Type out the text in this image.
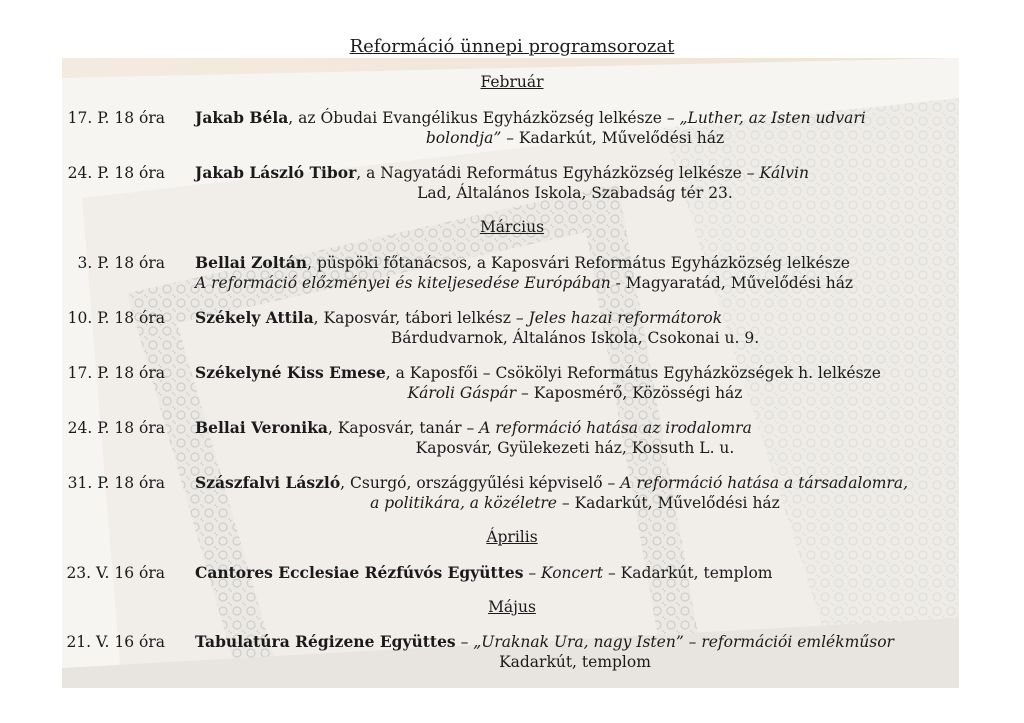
Reformáció ünnepi programsorozat
Február
17. P. 18 óra Jakab Béla, az Óbudai Evangélikus Egyházközség lelkésze – „Luther, az Isten udvari
bolondja” – Kadarkút, Művelődési ház
24. P. 18 óra Jakab László Tibor, a Nagyatádi Református Egyházközség lelkésze – Kálvin
Lad, Általános Iskola, Szabadság tér 23.
Március
3. P. 18 óra Bellai Zoltán, püspöki főtanácsos, a Kaposvári Református Egyházközség lelkésze
A reformáció előzményei és kiteljesedése Európában - Magyaratád, Művelődési ház
10. P. 18 óra Székely Attila, Kaposvár, tábori lelkész – Jeles hazai reformátorok
Bárdudvarnok, Általános Iskola, Csokonai u. 9.
17. P. 18 óra Székelyné Kiss Emese, a Kaposfői – Csökölyi Református Egyházközségek h. lelkésze
Károli Gáspár – Kaposmérő, Közösségi ház
24. P. 18 óra Bellai Veronika, Kaposvár, tanár – A reformáció hatása az irodalomra
Kaposvár, Gyülekezeti ház, Kossuth L. u.
31. P. 18 óra Szászfalvi László, Csurgó, országgyűlési képviselő – A reformáció hatása a társadalomra,
a politikára, a közéletre – Kadarkút, Művelődési ház
Április
23. V. 16 óra Cantores Ecclesiae Rézfúvós Együttes – Koncert – Kadarkút, templom
Május
21. V. 16 óra Tabulatúra Régizene Együttes – „Uraknak Ura, nagy Isten” – reformációi emlékműsor
Kadarkút, templom
